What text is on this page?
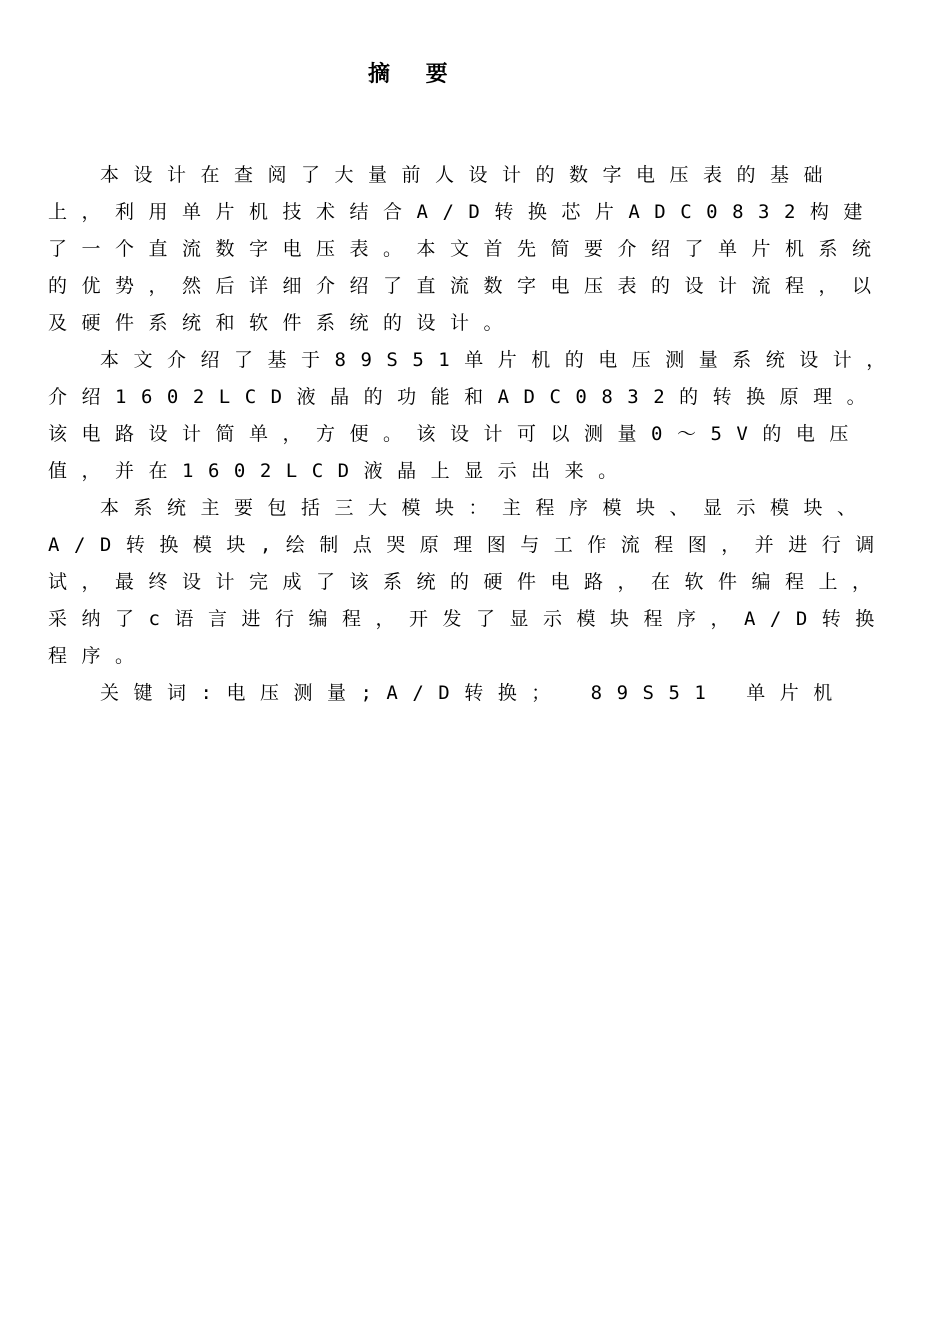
摘 要

本设计在查阅了大量前人设计的数字电压表的基础上，利用单片机技术结合A/D转换芯片ADC0832构建了一个直流数字电压表。本文首先简要介绍了单片机系统的优势，然后详细介绍了直流数字电压表的设计流程，以及硬件系统和软件系统的设计。

本文介绍了基于89S51单片机的电压测量系统设计，介绍1602LCD液晶的功能和ADC0832的转换原理。该电路设计简单，方便。该设计可以测量0～5V的电压值，并在1602LCD液晶上显示出来。

本系统主要包括三大模块：主程序模块、显示模块、A/D转换模块,绘制点哭原理图与工作流程图，并进行调试，最终设计完成了该系统的硬件电路，在软件编程上，采纳了c语言进行编程，开发了显示模块程序，A/D转换程序。

关键词:电压测量;A/D转换； 89S51 单片机
